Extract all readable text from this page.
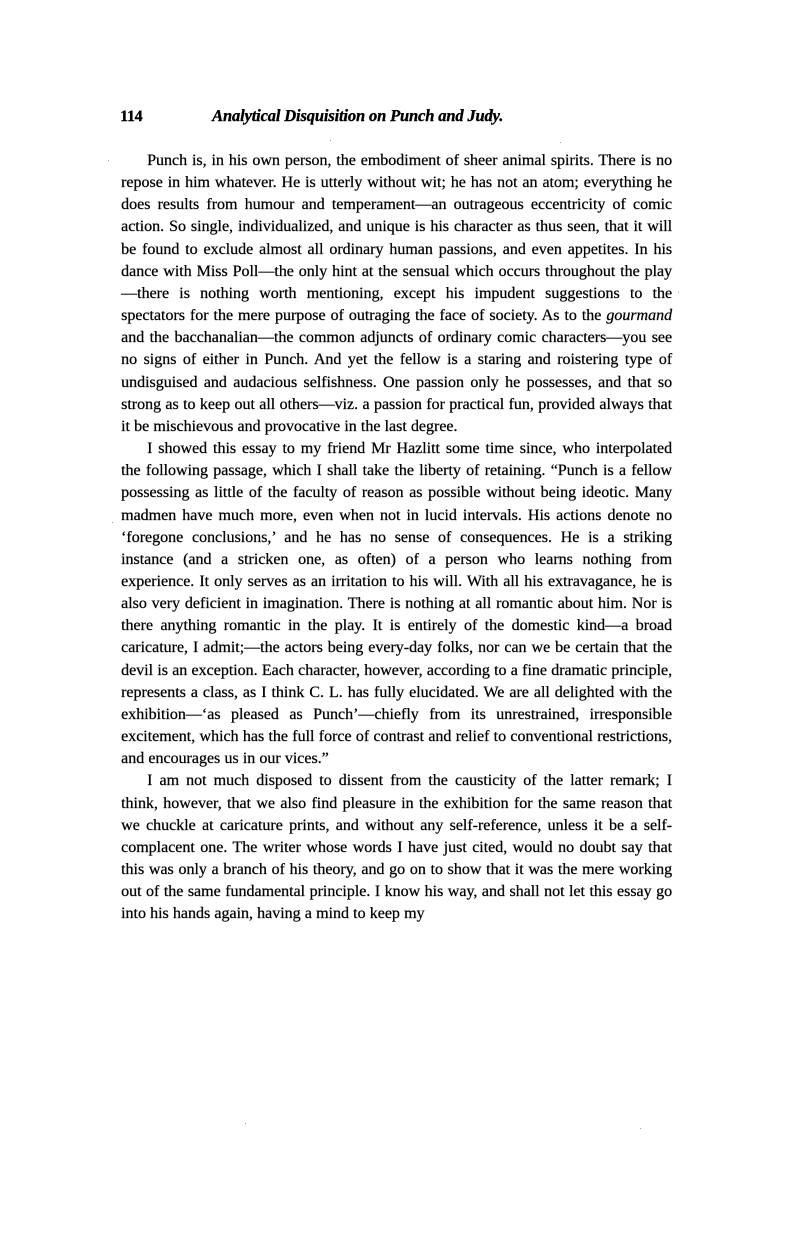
114	Analytical Disquisition on Punch and Judy.

Punch is, in his own person, the embodiment of sheer animal spirits. There is no repose in him whatever. He is utterly without wit; he has not an atom; everything he does results from humour and temperament—an outrageous eccentricity of comic action. So single, individualized, and unique is his character as thus seen, that it will be found to exclude almost all ordinary human passions, and even appetites. In his dance with Miss Poll—the only hint at the sensual which occurs throughout the play—there is nothing worth mentioning, except his impudent suggestions to the spectators for the mere purpose of outraging the face of society. As to the gourmand and the bacchanalian—the common adjuncts of ordinary comic characters—you see no signs of either in Punch. And yet the fellow is a staring and roistering type of undisguised and audacious selfishness. One passion only he possesses, and that so strong as to keep out all others—viz. a passion for practical fun, provided always that it be mischievous and provocative in the last degree.

I showed this essay to my friend Mr Hazlitt some time since, who interpolated the following passage, which I shall take the liberty of retaining. “Punch is a fellow possessing as little of the faculty of reason as possible without being ideotic. Many madmen have much more, even when not in lucid intervals. His actions denote no ‘foregone conclusions,’ and he has no sense of consequences. He is a striking instance (and a stricken one, as often) of a person who learns nothing from experience. It only serves as an irritation to his will. With all his extravagance, he is also very deficient in imagination. There is nothing at all romantic about him. Nor is there anything romantic in the play. It is entirely of the domestic kind—a broad caricature, I admit;—the actors being every-day folks, nor can we be certain that the devil is an exception. Each character, however, according to a fine dramatic principle, represents a class, as I think C. L. has fully elucidated. We are all delighted with the exhibition—‘as pleased as Punch’—chiefly from its unrestrained, irresponsible excitement, which has the full force of contrast and relief to conventional restrictions, and encourages us in our vices.”

I am not much disposed to dissent from the causticity of the latter remark; I think, however, that we also find pleasure in the exhibition for the same reason that we chuckle at caricature prints, and without any self-reference, unless it be a self-complacent one. The writer whose words I have just cited, would no doubt say that this was only a branch of his theory, and go on to show that it was the mere working out of the same fundamental principle. I know his way, and shall not let this essay go into his hands again, having a mind to keep my
